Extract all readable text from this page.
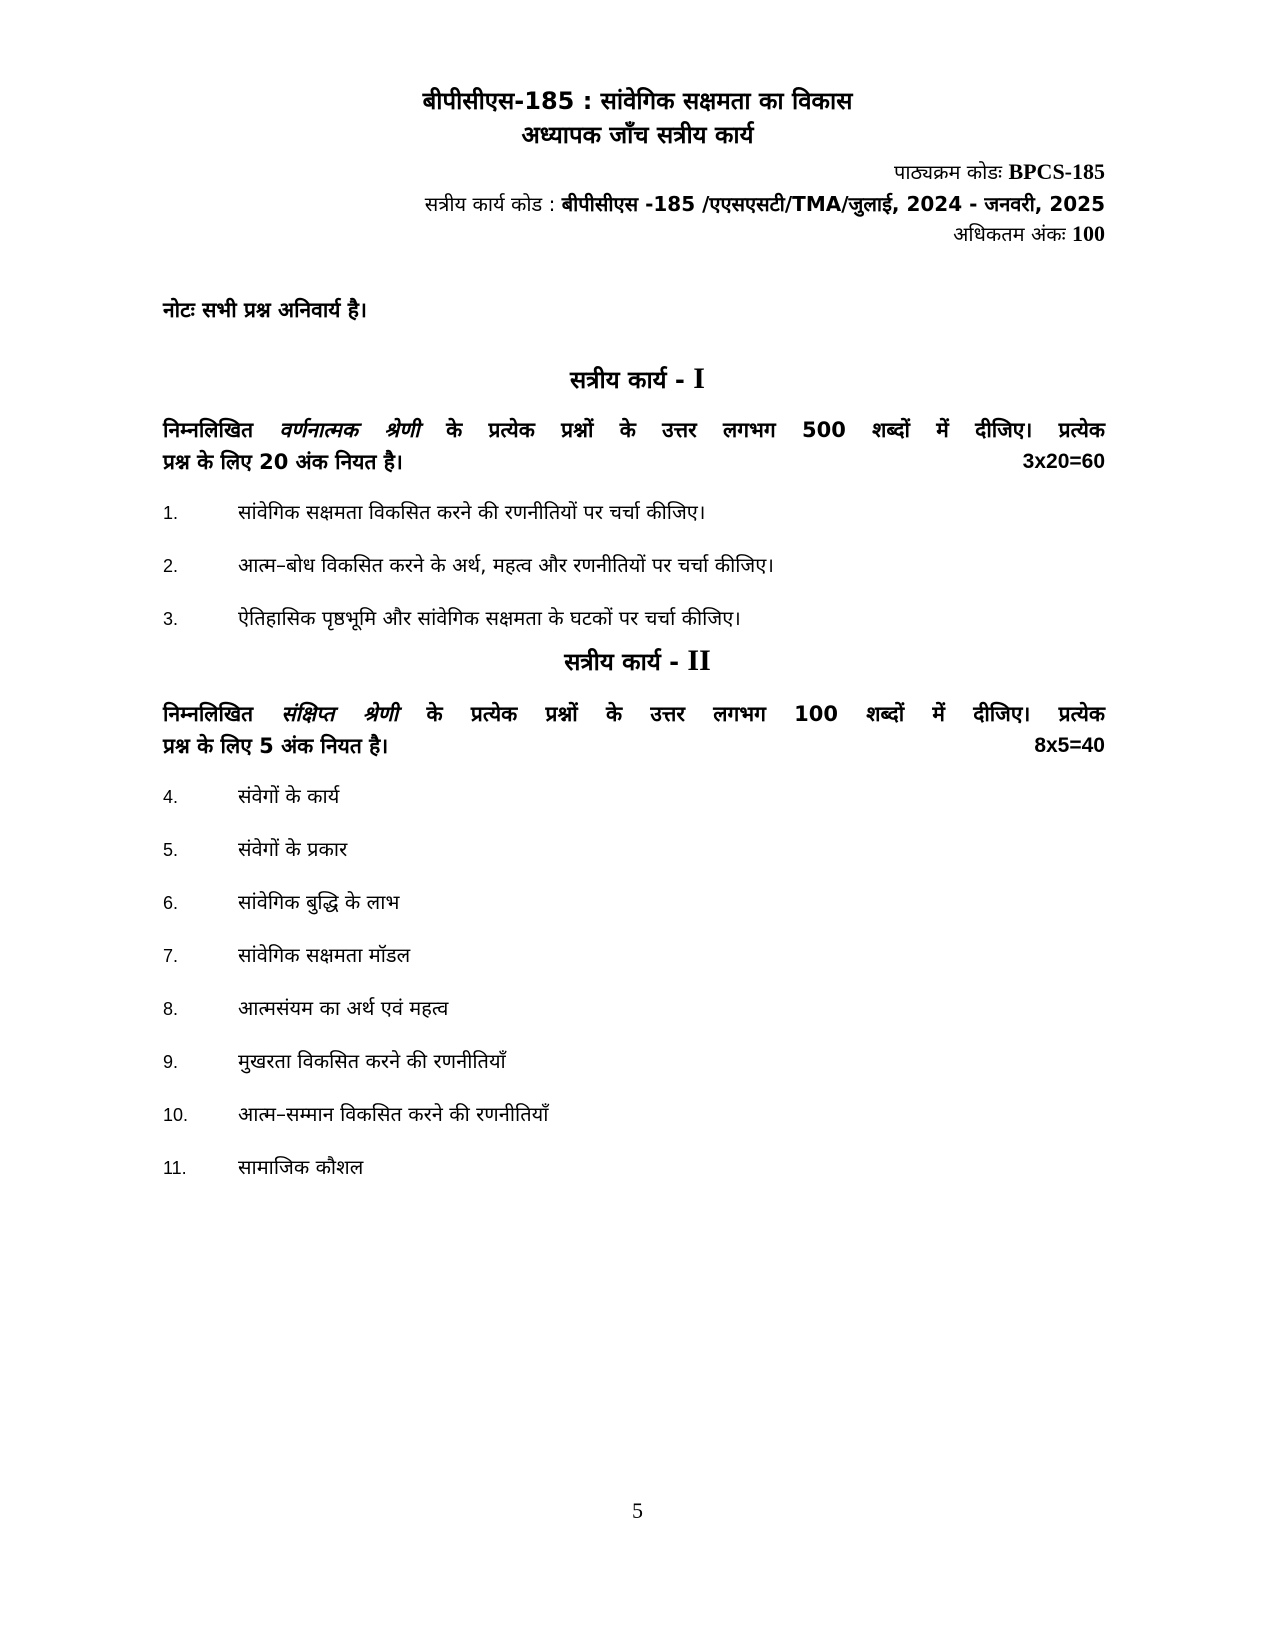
बीपीसीएस-185 : सांवेगिक सक्षमता का विकास
अध्यापक जाँच सत्रीय कार्य
पाठ्यक्रम कोडः BPCS-185
सत्रीय कार्य कोड : बीपीसीएस -185 /एएसएसटी/TMA/जुलाई, 2024 - जनवरी, 2025
अधिकतम अंकः 100
नोटः सभी प्रश्न अनिवार्य है।
सत्रीय कार्य - I
निम्नलिखित वर्णनात्मक श्रेणी के प्रत्येक प्रश्नों के उत्तर लगभग 500 शब्दों में दीजिए। प्रत्येक
प्रश्न के लिए 20 अंक नियत है।	3x20=60
1.	सांवेगिक सक्षमता विकसित करने की रणनीतियों पर चर्चा कीजिए।
2.	आत्म–बोध विकसित करने के अर्थ, महत्व और रणनीतियों पर चर्चा कीजिए।
3.	ऐतिहासिक पृष्ठभूमि और सांवेगिक सक्षमता के घटकों पर चर्चा कीजिए।
सत्रीय कार्य - II
निम्नलिखित संक्षिप्त श्रेणी के प्रत्येक प्रश्नों के उत्तर लगभग 100 शब्दों में दीजिए। प्रत्येक
प्रश्न के लिए 5 अंक नियत है।	8x5=40
4.	संवेगों के कार्य
5.	संवेगों के प्रकार
6.	सांवेगिक बुद्धि के लाभ
7.	सांवेगिक सक्षमता मॉडल
8.	आत्मसंयम का अर्थ एवं महत्व
9.	मुखरता विकसित करने की रणनीतियाँ
10. आत्म–सम्मान विकसित करने की रणनीतियाँ
11.	सामाजिक कौशल
5
